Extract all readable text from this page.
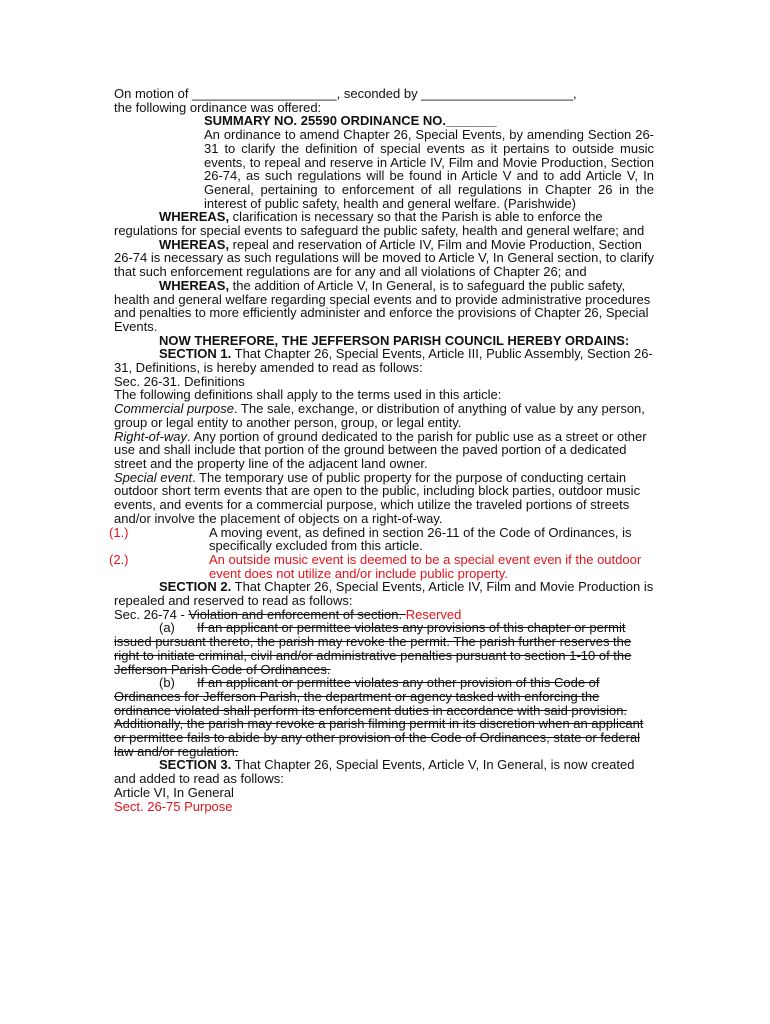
On motion of ____________________, seconded by _____________________,

the following ordinance was offered:

SUMMARY NO. 25590 ORDINANCE NO._______

An ordinance to amend Chapter 26, Special Events, by amending Section 26-31 to clarify the definition of special events as it pertains to outside music events, to repeal and reserve in Article IV, Film and Movie Production, Section 26-74, as such regulations will be found in Article V and to add Article V, In General, pertaining to enforcement of all regulations in Chapter 26 in the interest of public safety, health and general welfare. (Parishwide)

WHEREAS, clarification is necessary so that the Parish is able to enforce the regulations for special events to safeguard the public safety, health and general welfare; and

WHEREAS, repeal and reservation of Article IV, Film and Movie Production, Section 26-74 is necessary as such regulations will be moved to Article V, In General section, to clarify that such enforcement regulations are for any and all violations of Chapter 26; and

WHEREAS, the addition of Article V, In General, is to safeguard the public safety, health and general welfare regarding special events and to provide administrative procedures and penalties to more efficiently administer and enforce the provisions of Chapter 26, Special Events.

NOW THEREFORE, THE JEFFERSON PARISH COUNCIL HEREBY ORDAINS:

SECTION 1. That Chapter 26, Special Events, Article III, Public Assembly, Section 26-31, Definitions, is hereby amended to read as follows:

Sec. 26-31. Definitions

The following definitions shall apply to the terms used in this article:

Commercial purpose. The sale, exchange, or distribution of anything of value by any person, group or legal entity to another person, group, or legal entity.

Right-of-way. Any portion of ground dedicated to the parish for public use as a street or other use and shall include that portion of the ground between the paved portion of a dedicated street and the property line of the adjacent land owner.

Special event. The temporary use of public property for the purpose of conducting certain outdoor short term events that are open to the public, including block parties, outdoor music events, and events for a commercial purpose, which utilize the traveled portions of streets and/or involve the placement of objects on a right-of-way.

(1.)	A moving event, as defined in section 26-11 of the Code of Ordinances, is specifically excluded from this article.

(2.)	An outside music event is deemed to be a special event even if the outdoor event does not utilize and/or include public property.

SECTION 2. That Chapter 26, Special Events, Article IV, Film and Movie Production is repealed and reserved to read as follows:

Sec. 26-74 - Violation and enforcement of section. Reserved

(a) If an applicant or permittee violates any provisions of this chapter or permit issued pursuant thereto, the parish may revoke the permit. The parish further reserves the right to initiate criminal, civil and/or administrative penalties pursuant to section 1-10 of the Jefferson Parish Code of Ordinances.

(b) If an applicant or permittee violates any other provision of this Code of Ordinances for Jefferson Parish, the department or agency tasked with enforcing the ordinance violated shall perform its enforcement duties in accordance with said provision. Additionally, the parish may revoke a parish filming permit in its discretion when an applicant or permittee fails to abide by any other provision of the Code of Ordinances, state or federal law and/or regulation.

SECTION 3. That Chapter 26, Special Events, Article V, In General, is now created and added to read as follows:

Article VI, In General

Sect. 26-75 Purpose
